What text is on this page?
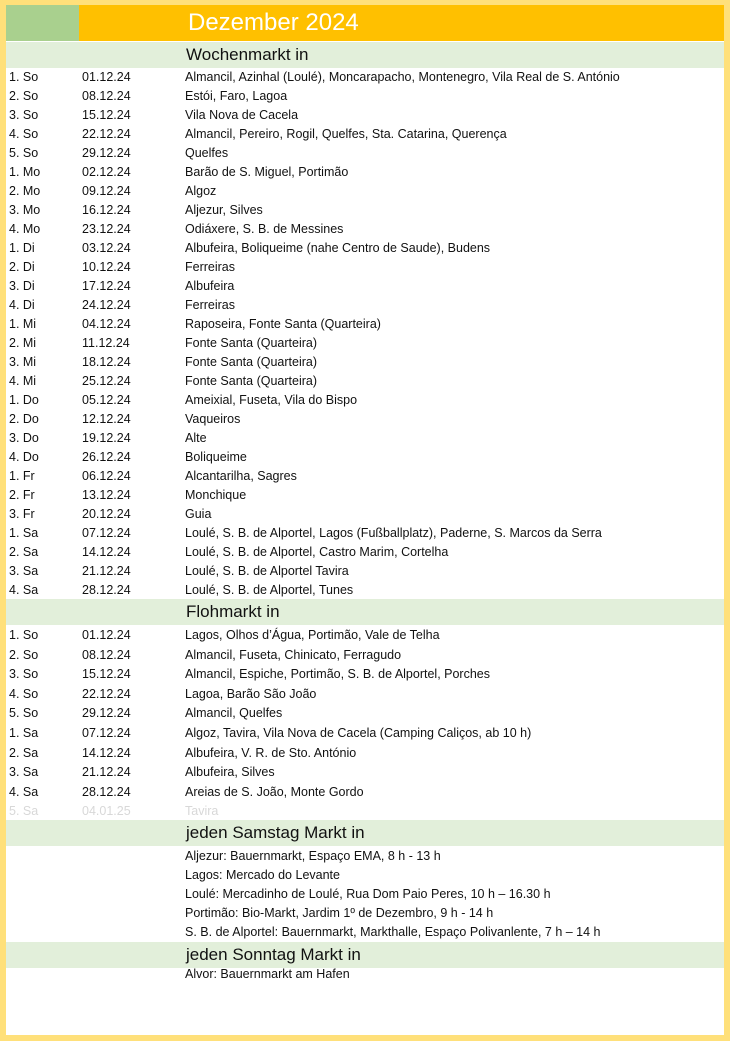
Dezember 2024
Wochenmarkt in
1. So	01.12.24	Almancil, Azinhal (Loulé), Moncarapacho, Montenegro, Vila Real de S. António
2. So	08.12.24	Estói, Faro, Lagoa
3. So	15.12.24	Vila Nova de Cacela
4. So	22.12.24	Almancil, Pereiro, Rogil, Quelfes, Sta. Catarina, Querença
5. So	29.12.24	Quelfes
1. Mo	02.12.24	Barão de S. Miguel, Portimão
2. Mo	09.12.24	Algoz
3. Mo	16.12.24	Aljezur, Silves
4. Mo	23.12.24	Odiáxere, S. B. de Messines
1. Di	03.12.24	Albufeira, Boliqueime (nahe Centro de Saude), Budens
2. Di	10.12.24	Ferreiras
3. Di	17.12.24	Albufeira
4. Di	24.12.24	Ferreiras
1. Mi	04.12.24	Raposeira, Fonte Santa (Quarteira)
2. Mi	11.12.24	Fonte Santa (Quarteira)
3. Mi	18.12.24	Fonte Santa (Quarteira)
4. Mi	25.12.24	Fonte Santa (Quarteira)
1. Do	05.12.24	Ameixial, Fuseta, Vila do Bispo
2. Do	12.12.24	Vaqueiros
3. Do	19.12.24	Alte
4. Do	26.12.24	Boliqueime
1. Fr	06.12.24	Alcantarilha, Sagres
2. Fr	13.12.24	Monchique
3. Fr	20.12.24	Guia
1. Sa	07.12.24	Loulé, S. B. de Alportel, Lagos (Fußballplatz), Paderne, S. Marcos da Serra
2. Sa	14.12.24	Loulé, S. B. de Alportel, Castro Marim, Cortelha
3. Sa	21.12.24	Loulé, S. B. de Alportel Tavira
4. Sa	28.12.24	Loulé, S. B. de Alportel, Tunes
Flohmarkt in
1. So	01.12.24	Lagos, Olhos d’Água, Portimão, Vale de Telha
2. So	08.12.24	Almancil, Fuseta, Chinicato, Ferragudo
3. So	15.12.24	Almancil, Espiche, Portimão, S. B. de Alportel, Porches
4. So	22.12.24	Lagoa, Barão São João
5. So	29.12.24	Almancil, Quelfes
1. Sa	07.12.24	Algoz, Tavira, Vila Nova de Cacela (Camping Caliços, ab 10 h)
2. Sa	14.12.24	Albufeira, V. R. de Sto. António
3. Sa	21.12.24	Albufeira, Silves
4. Sa	28.12.24	Areias de S. João, Monte Gordo
5. Sa	04.01.25	Tavira
jeden Samstag Markt in
Aljezur: Bauernmarkt, Espaço EMA, 8 h - 13 h
Lagos: Mercado do Levante
Loulé: Mercadinho de Loulé, Rua Dom Paio Peres, 10 h – 16.30 h
Portimão: Bio-Markt, Jardim 1º de Dezembro, 9 h - 14 h
S. B. de Alportel: Bauernmarkt, Markthalle, Espaço Polivanlente, 7 h – 14 h
jeden Sonntag Markt in
Alvor: Bauernmarkt am Hafen
